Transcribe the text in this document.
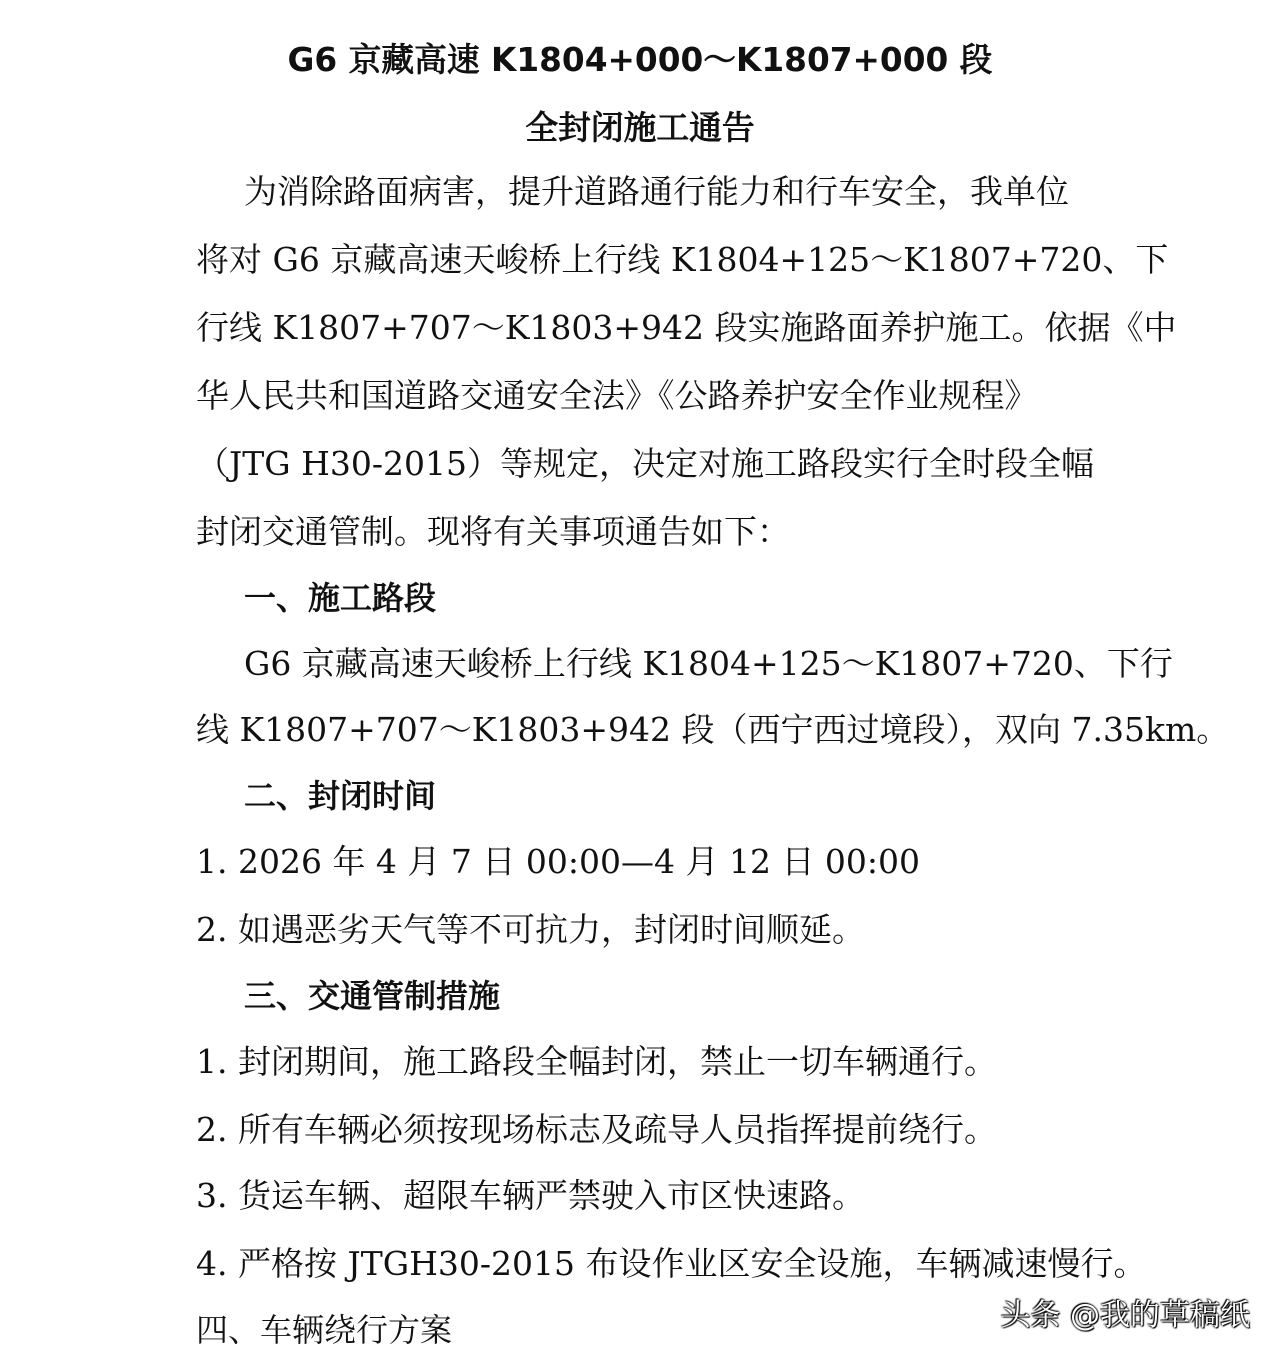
G6 京藏高速 K1804+000～K1807+000 段
全封闭施工通告
为消除路面病害，提升道路通行能力和行车安全，我单位
将对 G6 京藏高速天峻桥上行线 K1804+125～K1807+720、下
行线 K1807+707～K1803+942 段实施路面养护施工。依据《中
华人民共和国道路交通安全法》《公路养护安全作业规程》
（JTG H30-2015）等规定，决定对施工路段实行全时段全幅
封闭交通管制。现将有关事项通告如下：
一、施工路段
G6 京藏高速天峻桥上行线 K1804+125～K1807+720、下行
线 K1807+707～K1803+942 段（西宁西过境段），双向 7.35km。
二、封闭时间
1. 2026 年 4 月 7 日 00:00—4 月 12 日 00:00
2. 如遇恶劣天气等不可抗力，封闭时间顺延。
三、交通管制措施
1. 封闭期间，施工路段全幅封闭，禁止一切车辆通行。
2. 所有车辆必须按现场标志及疏导人员指挥提前绕行。
3. 货运车辆、超限车辆严禁驶入市区快速路。
4. 严格按 JTGH30-2015 布设作业区安全设施，车辆减速慢行。
四、车辆绕行方案	头条 @我的草稿纸
